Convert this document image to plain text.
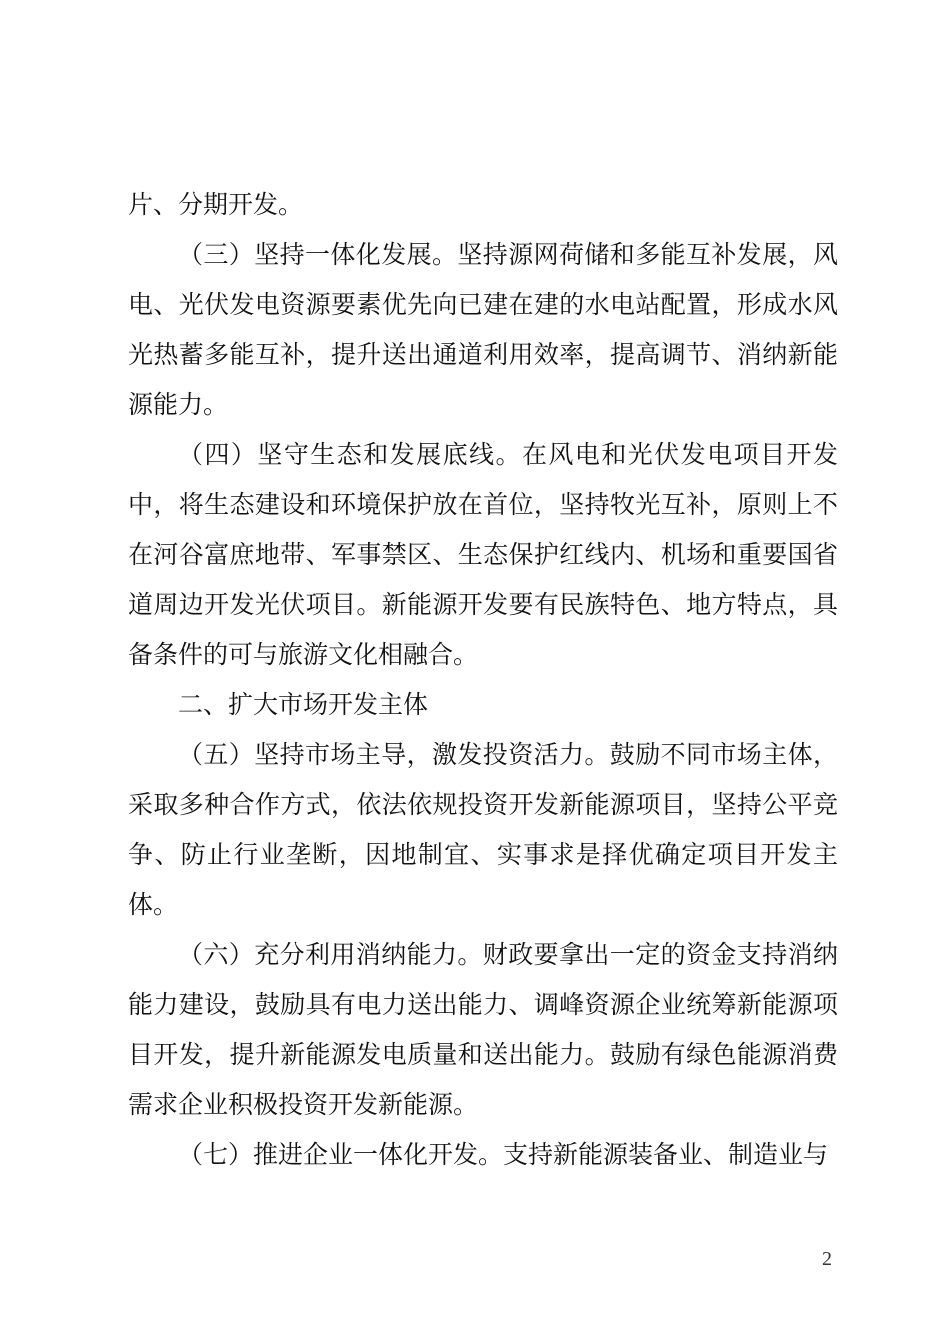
片、分期开发。

（三）坚持一体化发展。坚持源网荷储和多能互补发展，风电、光伏发电资源要素优先向已建在建的水电站配置，形成水风光热蓄多能互补，提升送出通道利用效率，提高调节、消纳新能源能力。

（四）坚守生态和发展底线。在风电和光伏发电项目开发中，将生态建设和环境保护放在首位，坚持牧光互补，原则上不在河谷富庶地带、军事禁区、生态保护红线内、机场和重要国省道周边开发光伏项目。新能源开发要有民族特色、地方特点，具备条件的可与旅游文化相融合。

二、扩大市场开发主体

（五）坚持市场主导，激发投资活力。鼓励不同市场主体，采取多种合作方式，依法依规投资开发新能源项目，坚持公平竞争、防止行业垄断，因地制宜、实事求是择优确定项目开发主体。

（六）充分利用消纳能力。财政要拿出一定的资金支持消纳能力建设，鼓励具有电力送出能力、调峰资源企业统筹新能源项目开发，提升新能源发电质量和送出能力。鼓励有绿色能源消费需求企业积极投资开发新能源。

（七）推进企业一体化开发。支持新能源装备业、制造业与

2
